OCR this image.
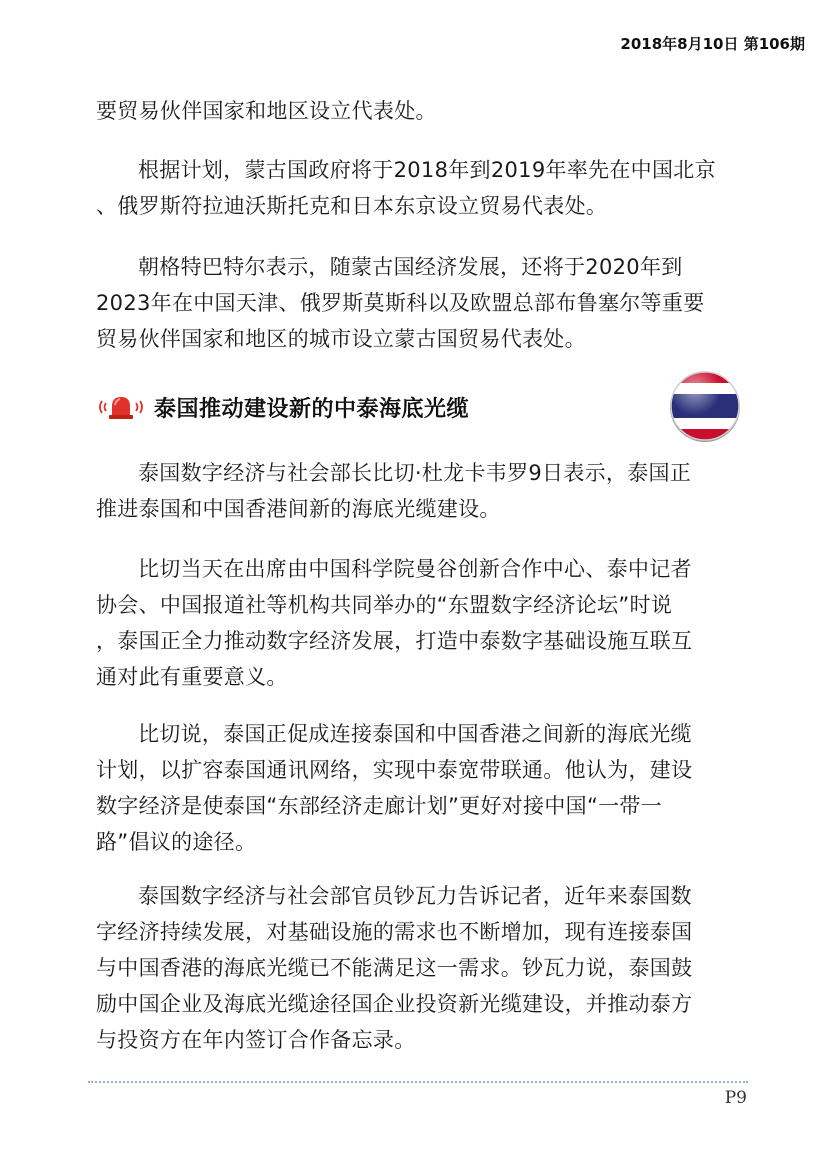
2018年8月10日 第106期
要贸易伙伴国家和地区设立代表处。
根据计划，蒙古国政府将于2018年到2019年率先在中国北京
、俄罗斯符拉迪沃斯托克和日本东京设立贸易代表处。
朝格特巴特尔表示，随蒙古国经济发展，还将于2020年到
2023年在中国天津、俄罗斯莫斯科以及欧盟总部布鲁塞尔等重要
贸易伙伴国家和地区的城市设立蒙古国贸易代表处。
泰国推动建设新的中泰海底光缆
泰国数字经济与社会部长比切·杜龙卡韦罗9日表示，泰国正
推进泰国和中国香港间新的海底光缆建设。
比切当天在出席由中国科学院曼谷创新合作中心、泰中记者
协会、中国报道社等机构共同举办的“东盟数字经济论坛”时说
，泰国正全力推动数字经济发展，打造中泰数字基础设施互联互
通对此有重要意义。
比切说，泰国正促成连接泰国和中国香港之间新的海底光缆
计划，以扩容泰国通讯网络，实现中泰宽带联通。他认为，建设
数字经济是使泰国“东部经济走廊计划”更好对接中国“一带一
路”倡议的途径。
泰国数字经济与社会部官员钞瓦力告诉记者，近年来泰国数
字经济持续发展，对基础设施的需求也不断增加，现有连接泰国
与中国香港的海底光缆已不能满足这一需求。钞瓦力说，泰国鼓
励中国企业及海底光缆途径国企业投资新光缆建设，并推动泰方
与投资方在年内签订合作备忘录。
P9
